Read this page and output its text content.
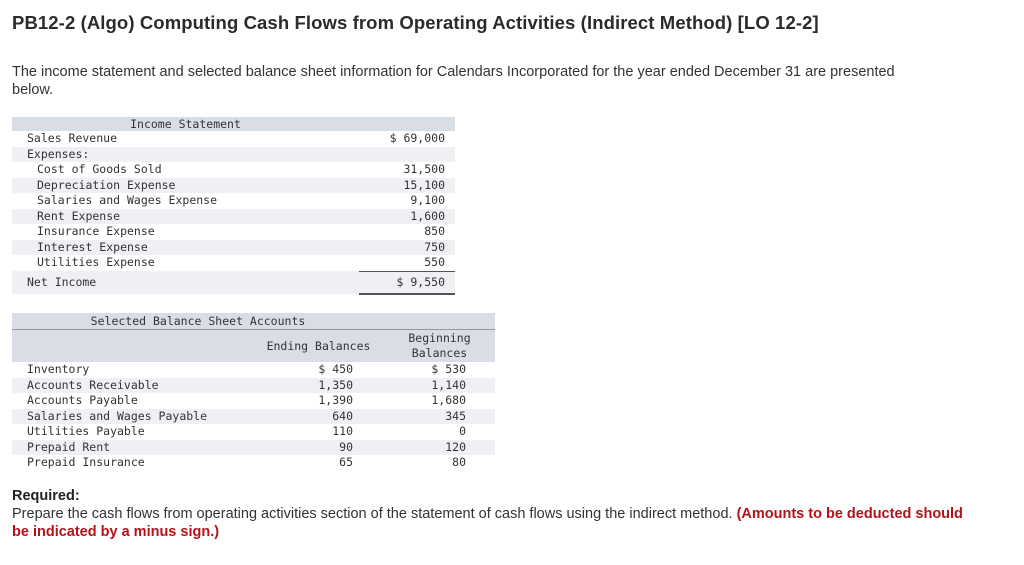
PB12-2 (Algo) Computing Cash Flows from Operating Activities (Indirect Method) [LO 12-2]
The income statement and selected balance sheet information for Calendars Incorporated for the year ended December 31 are presented below.
Income Statement	
Sales Revenue	$ 69,000
Expenses:	
Cost of Goods Sold	31,500
Depreciation Expense	15,100
Salaries and Wages Expense	9,100
Rent Expense	1,600
Insurance Expense	850
Interest Expense	750
Utilities Expense	550
Net Income	$ 9,550
Selected Balance Sheet Accounts		
	Ending Balances	Beginning
Balances

Inventory	$ 450	$ 530
Accounts Receivable	1,350	1,140
Accounts Payable	1,390	1,680
Salaries and Wages Payable	640	345
Utilities Payable	110	0
Prepaid Rent	90	120
Prepaid Insurance	65	80
Required:
Prepare the cash flows from operating activities section of the statement of cash flows using the indirect method. (Amounts to be deducted should be indicated by a minus sign.)
